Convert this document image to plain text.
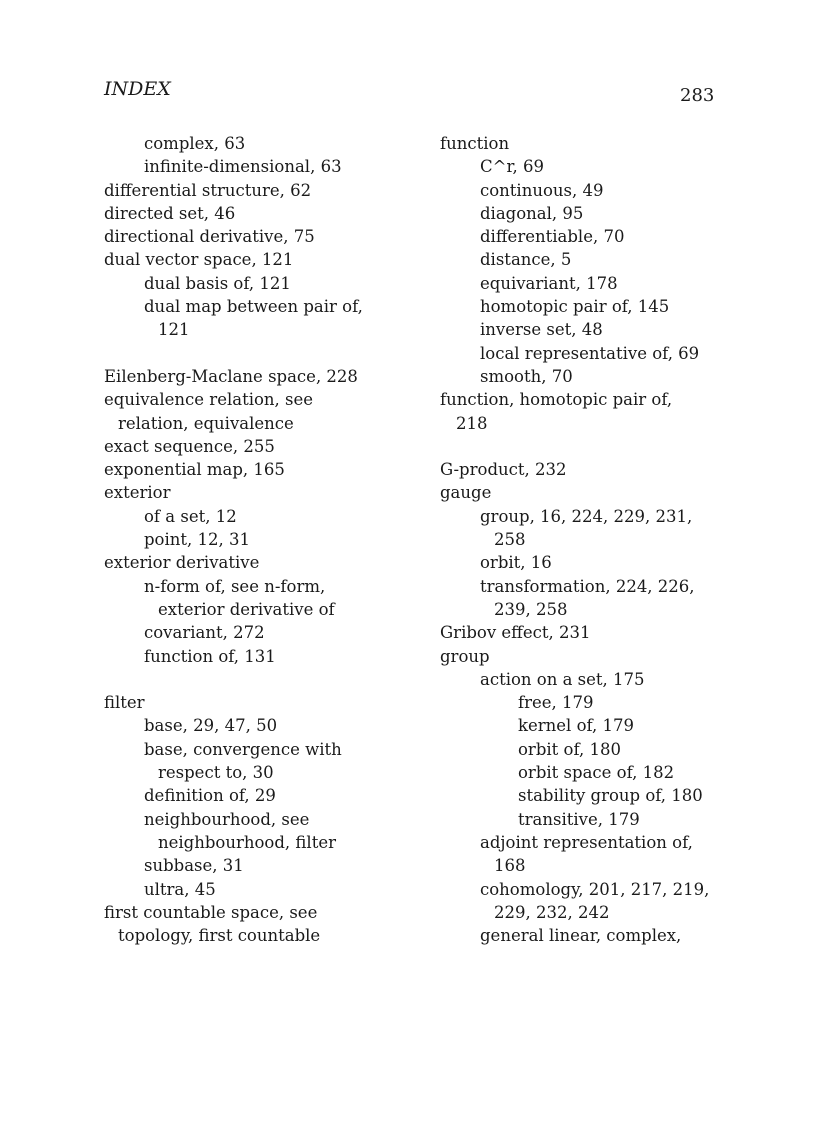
INDEX	283
complex, 63
infinite-dimensional, 63
differential structure, 62
directed set, 46
directional derivative, 75
dual vector space, 121
dual basis of, 121
dual map between pair of,
121
Eilenberg-Maclane space, 228
equivalence relation, see
relation, equivalence
exact sequence, 255
exponential map, 165
exterior
of a set, 12
point, 12, 31
exterior derivative
n-form of, see n-form,
exterior derivative of
covariant, 272
function of, 131
filter
base, 29, 47, 50
base, convergence with
respect to, 30
definition of, 29
neighbourhood, see
neighbourhood, filter
subbase, 31
ultra, 45
first countable space, see
topology, first countable
function
C^r, 69
continuous, 49
diagonal, 95
differentiable, 70
distance, 5
equivariant, 178
homotopic pair of, 145
inverse set, 48
local representative of, 69
smooth, 70
function, homotopic pair of,
218
G-product, 232
gauge
group, 16, 224, 229, 231,
258
orbit, 16
transformation, 224, 226,
239, 258
Gribov effect, 231
group
action on a set, 175
free, 179
kernel of, 179
orbit of, 180
orbit space of, 182
stability group of, 180
transitive, 179
adjoint representation of,
168
cohomology, 201, 217, 219,
229, 232, 242
general linear, complex,
